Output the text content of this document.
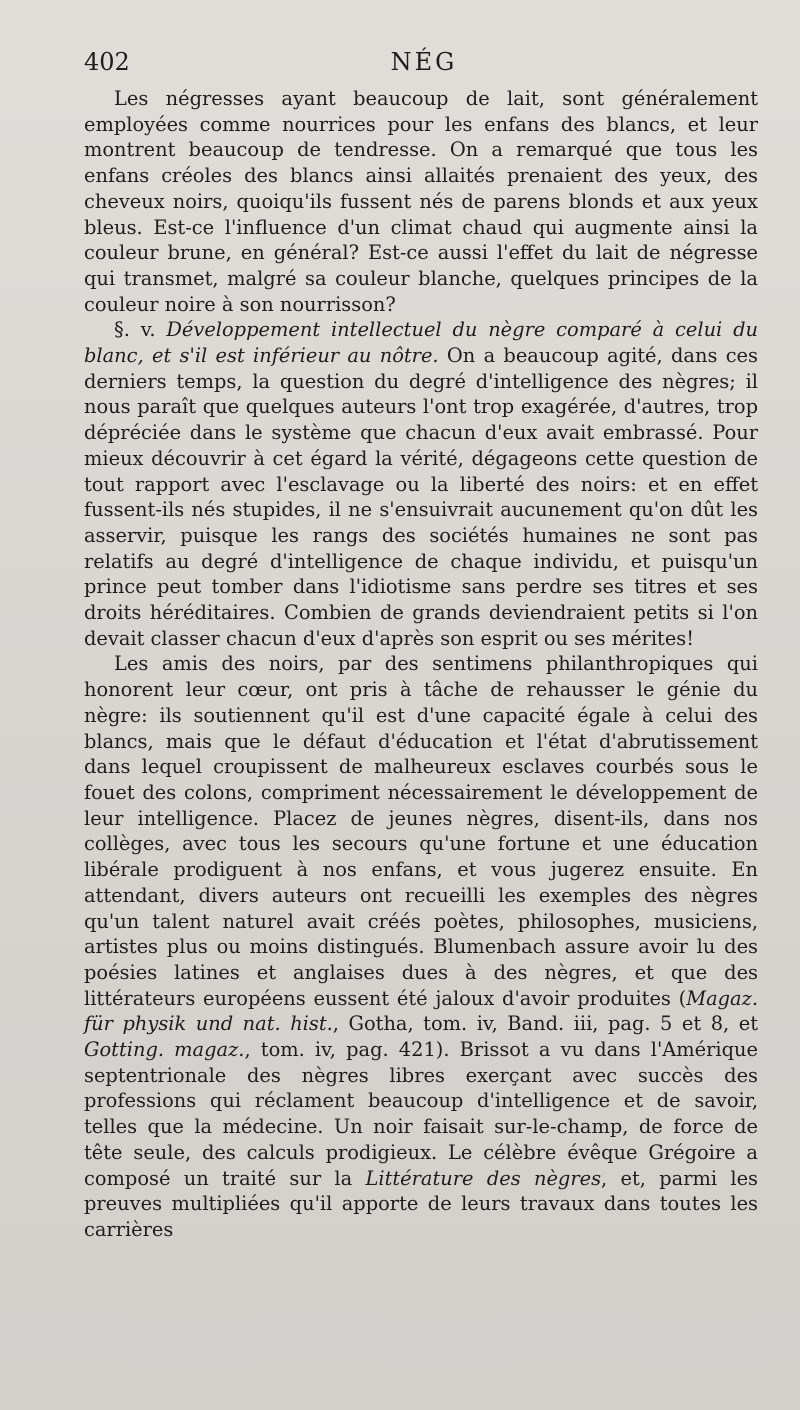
402	NÉG

Les négresses ayant beaucoup de lait, sont généralement employées comme nourrices pour les enfans des blancs, et leur montrent beaucoup de tendresse. On a remarqué que tous les enfans créoles des blancs ainsi allaités prenaient des yeux, des cheveux noirs, quoiqu'ils fussent nés de parens blonds et aux yeux bleus. Est-ce l'influence d'un climat chaud qui augmente ainsi la couleur brune, en général? Est-ce aussi l'effet du lait de négresse qui transmet, malgré sa couleur blanche, quelques principes de la couleur noire à son nourrisson?

§. v. Développement intellectuel du nègre comparé à celui du blanc, et s'il est inférieur au nôtre. On a beaucoup agité, dans ces derniers temps, la question du degré d'intelligence des nègres; il nous paraît que quelques auteurs l'ont trop exagérée, d'autres, trop dépréciée dans le système que chacun d'eux avait embrassé. Pour mieux découvrir à cet égard la vérité, dégageons cette question de tout rapport avec l'esclavage ou la liberté des noirs: et en effet fussent-ils nés stupides, il ne s'ensuivrait aucunement qu'on dût les asservir, puisque les rangs des sociétés humaines ne sont pas relatifs au degré d'intelligence de chaque individu, et puisqu'un prince peut tomber dans l'idiotisme sans perdre ses titres et ses droits héréditaires. Combien de grands deviendraient petits si l'on devait classer chacun d'eux d'après son esprit ou ses mérites!

Les amis des noirs, par des sentimens philanthropiques qui honorent leur cœur, ont pris à tâche de rehausser le génie du nègre: ils soutiennent qu'il est d'une capacité égale à celui des blancs, mais que le défaut d'éducation et l'état d'abrutissement dans lequel croupissent de malheureux esclaves courbés sous le fouet des colons, compriment nécessairement le développement de leur intelligence. Placez de jeunes nègres, disent-ils, dans nos collèges, avec tous les secours qu'une fortune et une éducation libérale prodiguent à nos enfans, et vous jugerez ensuite. En attendant, divers auteurs ont recueilli les exemples des nègres qu'un talent naturel avait créés poètes, philosophes, musiciens, artistes plus ou moins distingués. Blumenbach assure avoir lu des poésies latines et anglaises dues à des nègres, et que des littérateurs européens eussent été jaloux d'avoir produites (Magaz. für physik und nat. hist., Gotha, tom. iv, Band. iii, pag. 5 et 8, et Gotting. magaz., tom. iv, pag. 421). Brissot a vu dans l'Amérique septentrionale des nègres libres exerçant avec succès des professions qui réclament beaucoup d'intelligence et de savoir, telles que la médecine. Un noir faisait sur-le-champ, de force de tête seule, des calculs prodigieux. Le célèbre évêque Grégoire a composé un traité sur la Littérature des nègres, et, parmi les preuves multipliées qu'il apporte de leurs travaux dans toutes les carrières
